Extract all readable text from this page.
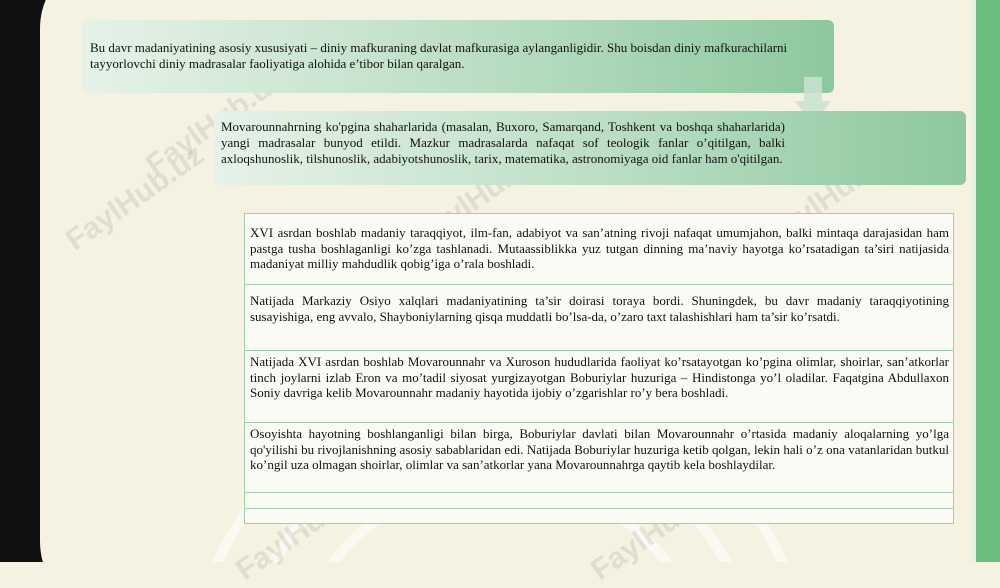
FaylHub.uz	FaylHub.uz	FaylHub.uz
FaylHub.uz	FaylHub.uz

Bu davr madaniyatining asosiy xususiyati – diniy mafkuraning davlat mafkurasiga aylanganligidir. Shu boisdan diniy mafkurachilarni tayyorlovchi diniy madrasalar faoliyatiga alohida e’tibor bilan qaralgan.

Movarounnahrning ko'pgina shaharlarida (masalan, Buxoro, Samarqand, Toshkent va boshqa shaharlarida) yangi madrasalar bunyod etildi. Mazkur madrasalarda nafaqat sof teologik fanlar o’qitilgan, balki axloqshunoslik, tilshunoslik, adabiyotshunoslik, tarix, matematika, astronomiyaga oid fanlar ham o'qitilgan.

XVI asrdan boshlab madaniy taraqqiyot, ilm-fan, adabiyot va san’atning rivoji nafaqat umumjahon, balki mintaqa darajasidan ham pastga tusha boshlaganligi ko’zga tashlanadi. Mutaassiblikka yuz tutgan dinning ma’naviy hayotga ko’rsatadigan ta’siri natijasida madaniyat milliy mahdudlik qobig’iga o’rala boshladi.

Natijada Markaziy Osiyo xalqlari madaniyatining ta’sir doirasi toraya bordi. Shuningdek, bu davr madaniy taraqqiyotining susayishiga, eng avvalo, Shayboniylarning qisqa muddatli bo’lsa-da, o’zaro taxt talashishlari ham ta’sir ko’rsatdi.

Natijada XVI asrdan boshlab Movarounnahr va Xuroson hududlarida faoliyat ko’rsatayotgan ko’pgina olimlar, shoirlar, san’atkorlar tinch joylarni izlab Eron va mo’tadil siyosat yurgizayotgan Boburiylar huzuriga – Hindistonga yo’l oladilar. Faqatgina Abdullaxon Soniy davriga kelib Movarounnahr madaniy hayotida ijobiy o’zgarishlar ro’y bera boshladi.

Osoyishta hayotning boshlanganligi bilan birga, Boburiylar davlati bilan Movarounnahr o’rtasida madaniy aloqalarning yo’lga qo'yilishi bu rivojlanishning asosiy sabablaridan edi. Natijada Boburiylar huzuriga ketib qolgan, lekin hali o’z ona vatanlaridan butkul ko’ngil uza olmagan shoirlar, olimlar va san’atkorlar yana Movarounnahrga qaytib kela boshlaydilar.
